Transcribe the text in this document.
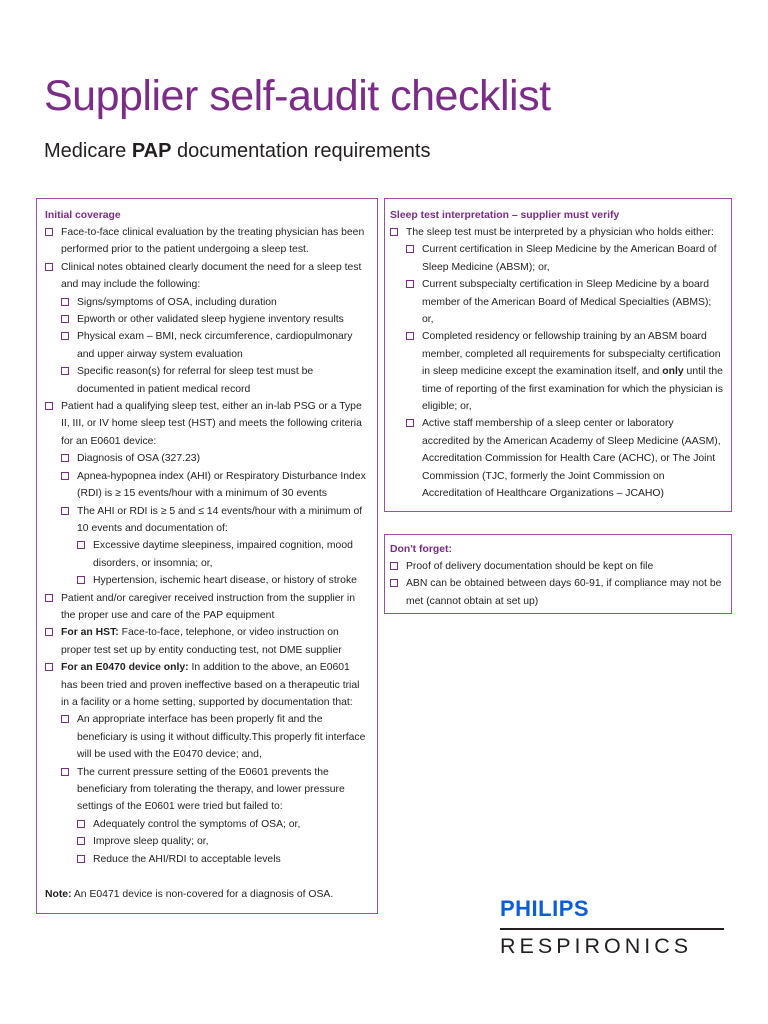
Supplier self-audit checklist
Medicare PAP documentation requirements
Initial coverage
Face-to-face clinical evaluation by the treating physician has been performed prior to the patient undergoing a sleep test.
Clinical notes obtained clearly document the need for a sleep test and may include the following:
Signs/symptoms of OSA, including duration
Epworth or other validated sleep hygiene inventory results
Physical exam – BMI, neck circumference, cardiopulmonary and upper airway system evaluation
Specific reason(s) for referral for sleep test must be documented in patient medical record
Patient had a qualifying sleep test, either an in-lab PSG or a Type II, III, or IV home sleep test (HST) and meets the following criteria for an E0601 device:
Diagnosis of OSA (327.23)
Apnea-hypopnea index (AHI) or Respiratory Disturbance Index (RDI) is ≥ 15 events/hour with a minimum of 30 events
The AHI or RDI is ≥ 5 and ≤ 14 events/hour with a minimum of 10 events and documentation of:
Excessive daytime sleepiness, impaired cognition, mood disorders, or insomnia; or,
Hypertension, ischemic heart disease, or history of stroke
Patient and/or caregiver received instruction from the supplier in the proper use and care of the PAP equipment
For an HST: Face-to-face, telephone, or video instruction on proper test set up by entity conducting test, not DME supplier
For an E0470 device only: In addition to the above, an E0601 has been tried and proven ineffective based on a therapeutic trial in a facility or a home setting, supported by documentation that:
An appropriate interface has been properly fit and the beneficiary is using it without difficulty.This properly fit interface will be used with the E0470 device; and,
The current pressure setting of the E0601 prevents the beneficiary from tolerating the therapy, and lower pressure settings of the E0601 were tried but failed to:
Adequately control the symptoms of OSA; or,
Improve sleep quality; or,
Reduce the AHI/RDI to acceptable levels
Note: An E0471 device is non-covered for a diagnosis of OSA.
Sleep test interpretation – supplier must verify
The sleep test must be interpreted by a physician who holds either:
Current certification in Sleep Medicine by the American Board of Sleep Medicine (ABSM); or,
Current subspecialty certification in Sleep Medicine by a board member of the American Board of Medical Specialties (ABMS); or,
Completed residency or fellowship training by an ABSM board member, completed all requirements for subspecialty certification in sleep medicine except the examination itself, and only until the time of reporting of the first examination for which the physician is eligible; or,
Active staff membership of a sleep center or laboratory accredited by the American Academy of Sleep Medicine (AASM), Accreditation Commission for Health Care (ACHC), or The Joint Commission (TJC, formerly the Joint Commission on Accreditation of Healthcare Organizations – JCAHO)
Don't forget:
Proof of delivery documentation should be kept on file
ABN can be obtained between days 60-91, if compliance may not be met (cannot obtain at set up)
PHILIPS
RESPIRONICS
